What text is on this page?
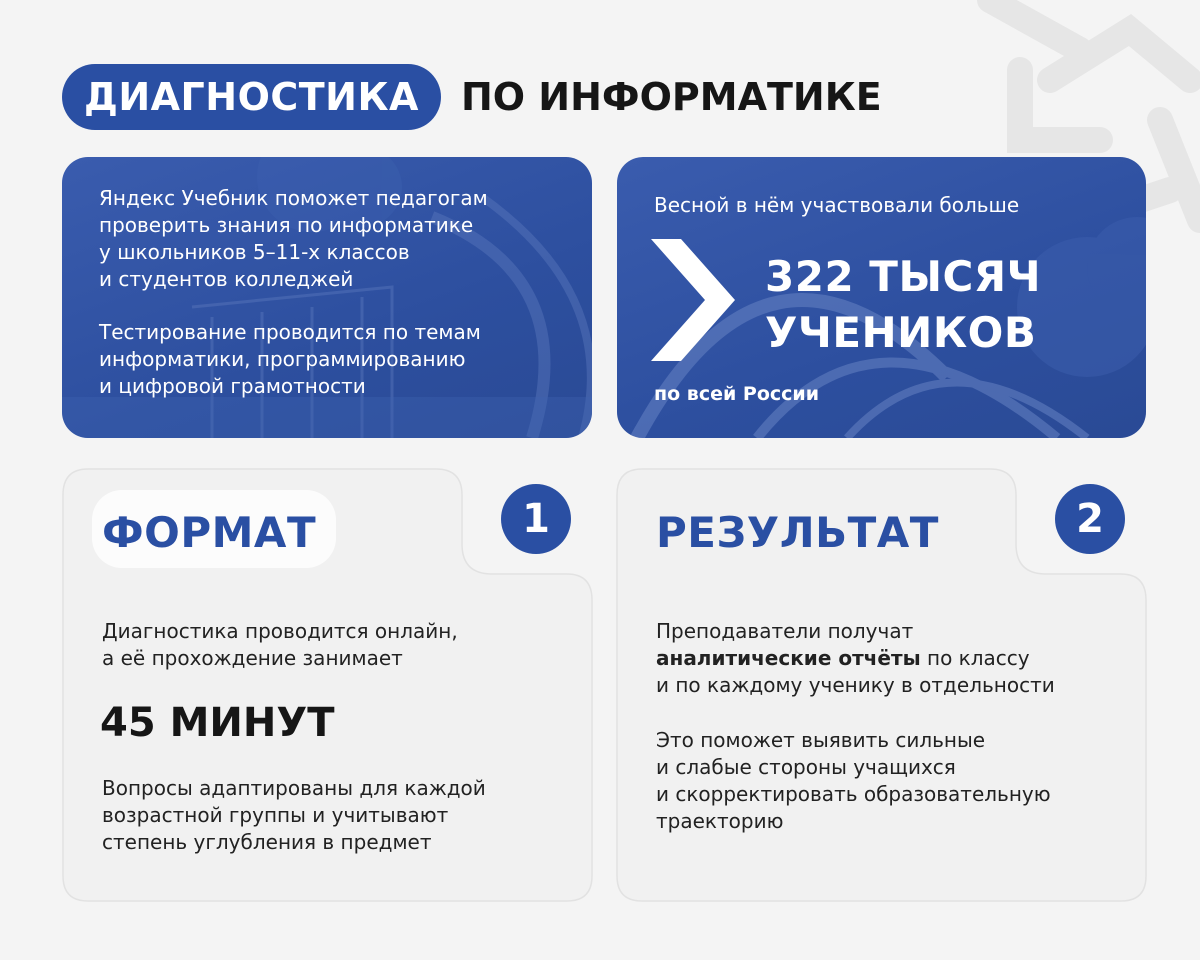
ДИАГНОСТИКА ПО ИНФОРМАТИКЕ

Яндекс Учебник поможет педагогам
проверить знания по информатике
у школьников 5–11-х классов
и студентов колледжей

Тестирование проводится по темам
информатики, программированию
и цифровой грамотности

Весной в нём участвовали больше
322 ТЫСЯЧ
УЧЕНИКОВ
по всей России
ФОРМАТ	1
Диагностика проводится онлайн,
а её прохождение занимает
45 МИНУТ
Вопросы адаптированы для каждой
возрастной группы и учитывают
степень углубления в предмет
РЕЗУЛЬТАТ	2
Преподаватели получат
аналитические отчёты по классу
и по каждому ученику в отдельности
Это поможет выявить сильные
и слабые стороны учащихся
и скорректировать образовательную
траекторию
